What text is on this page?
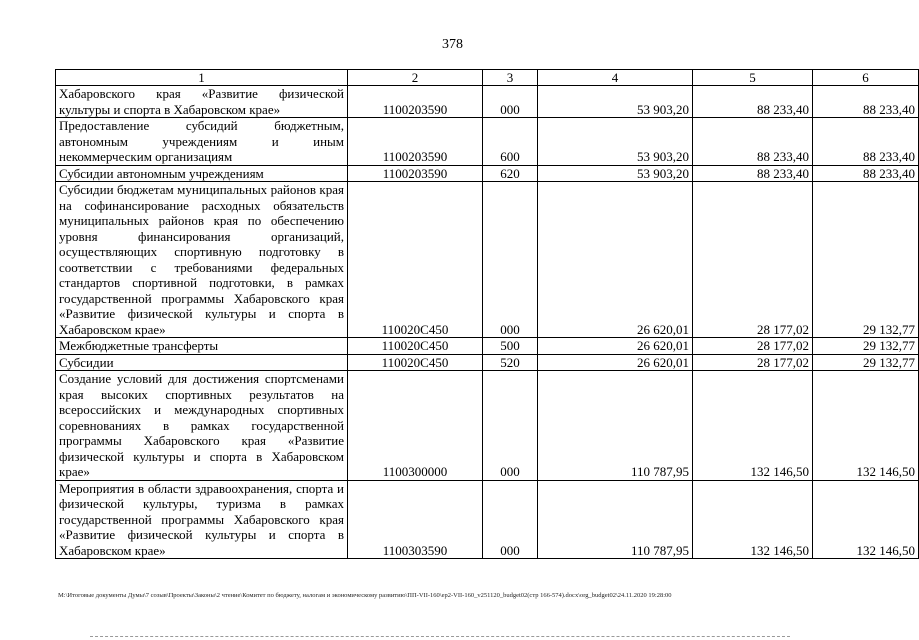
378
1	2	3	4	5	6
Хабаровского края «Развитие физической культуры и спорта в Хабаровском крае»	1100203590	000	53 903,20	88 233,40	88 233,40
Предоставление субсидий бюджетным, автономным учреждениям и иным некоммерческим организациям	1100203590	600	53 903,20	88 233,40	88 233,40
Субсидии автономным учреждениям	1100203590	620	53 903,20	88 233,40	88 233,40
Субсидии бюджетам муниципальных районов края на софинансирование расходных обязательств муниципальных районов края по обеспечению уровня финансирования организаций, осуществляющих спортивную подготовку в соответствии с требованиями федеральных стандартов спортивной подготовки, в рамках государственной программы Хабаровского края «Развитие физической культуры и спорта в Хабаровском крае»	110020С450	000	26 620,01	28 177,02	29 132,77
Межбюджетные трансферты	110020С450	500	26 620,01	28 177,02	29 132,77
Субсидии	110020С450	520	26 620,01	28 177,02	29 132,77
Создание условий для достижения спортсменами края высоких спортивных результатов на всероссийских и международных спортивных соревнованиях в рамках государственной программы Хабаровского края «Развитие физической культуры и спорта в Хабаровском крае»	1100300000	000	110 787,95	132 146,50	132 146,50
Мероприятия в области здравоохранения, спорта и физической культуры, туризма в рамках государственной программы Хабаровского края «Развитие физической культуры и спорта в Хабаровском крае»	1100303590	000	110 787,95	132 146,50	132 146,50
M:\Итоговые документы Думы\7 созыв\Проекты\Законы\2 чтение\Комитет по бюджету, налогам и экономическому развитию\ПП-VII-160\ep2-VII-160_v251120_budget02(стр 166-574).docx\org_budget02\24.11.2020 19:28:00
